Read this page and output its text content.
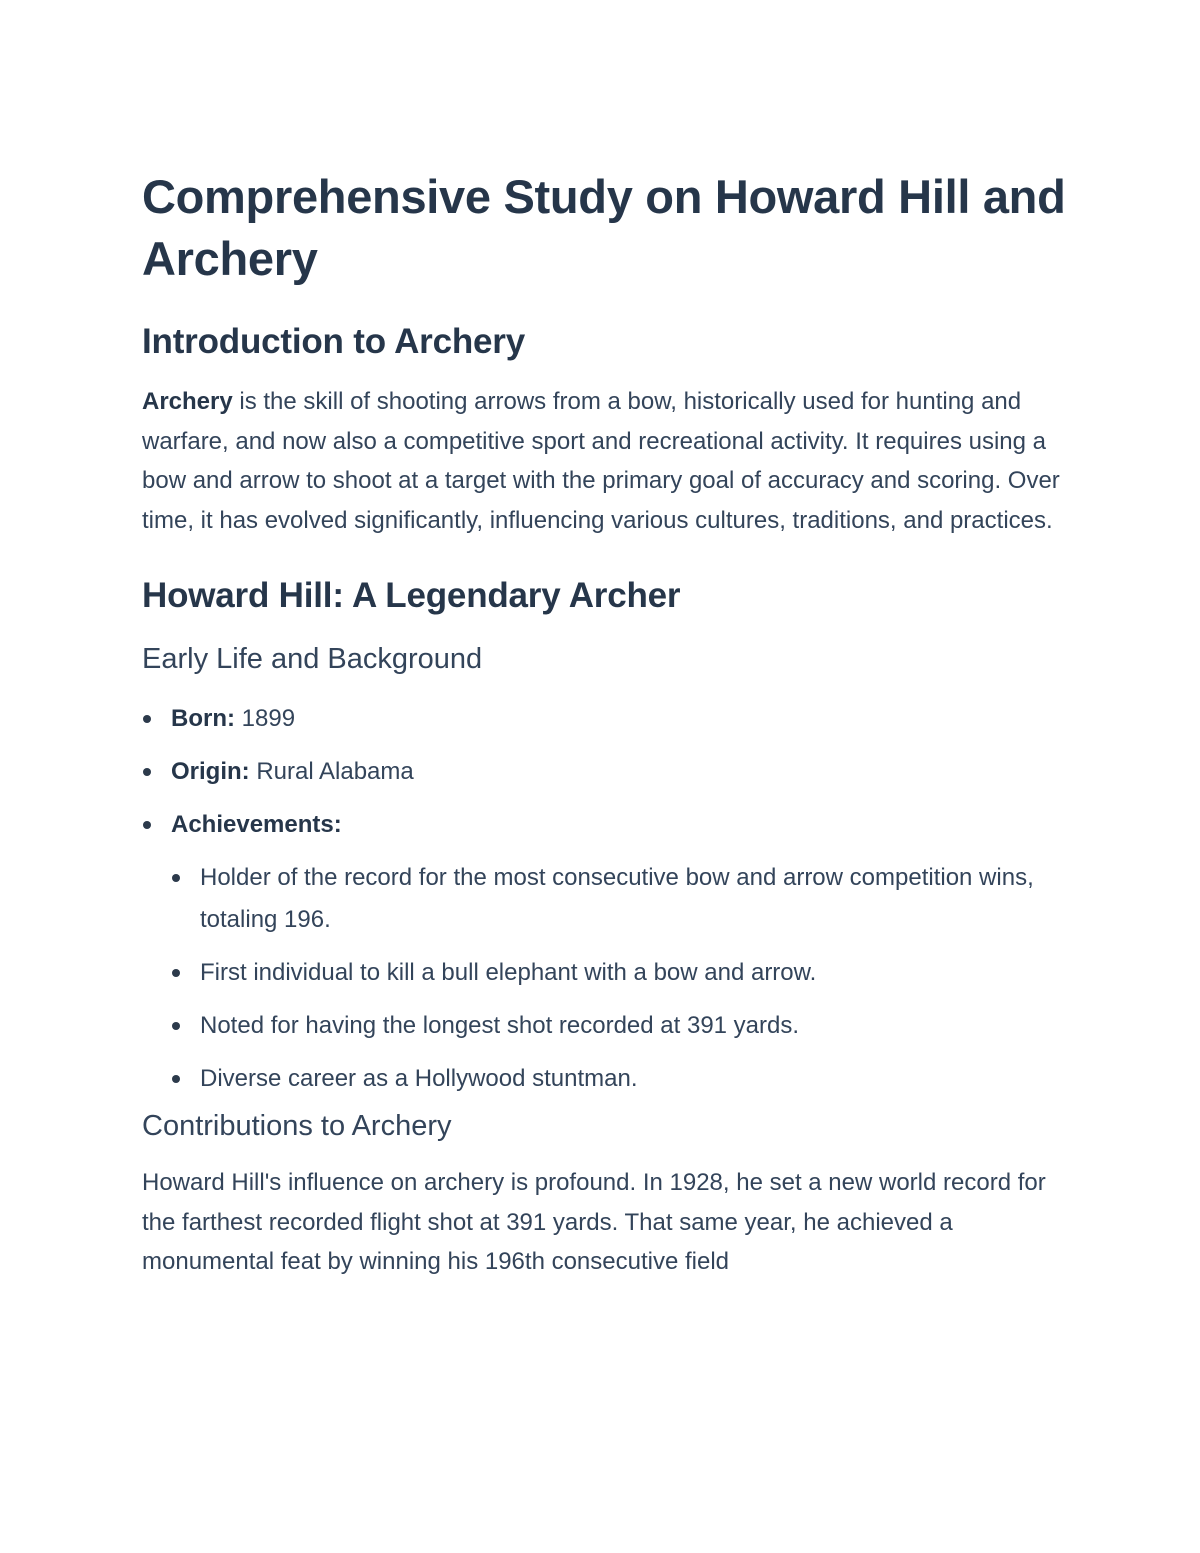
Comprehensive Study on Howard Hill and Archery
Introduction to Archery

Archery is the skill of shooting arrows from a bow, historically used for hunting and warfare, and now also a competitive sport and recreational activity. It requires using a bow and arrow to shoot at a target with the primary goal of accuracy and scoring. Over time, it has evolved significantly, influencing various cultures, traditions, and practices.

Howard Hill: A Legendary Archer
Early Life and Background
Born: 1899
Origin: Rural Alabama
Achievements:
Holder of the record for the most consecutive bow and arrow competition wins, totaling 196.
First individual to kill a bull elephant with a bow and arrow.
Noted for having the longest shot recorded at 391 yards.
Diverse career as a Hollywood stuntman.
Contributions to Archery

Howard Hill's influence on archery is profound. In 1928, he set a new world record for the farthest recorded flight shot at 391 yards. That same year, he achieved a monumental feat by winning his 196th consecutive field
